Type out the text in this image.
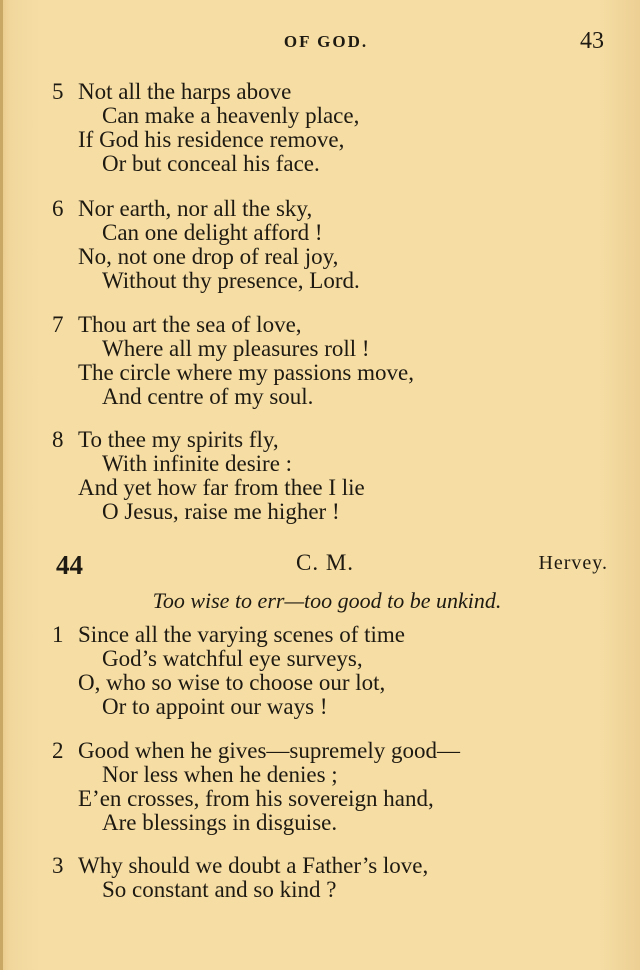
OF GOD.	43
5 Not all the harps above
Can make a heavenly place,
If God his residence remove,
Or but conceal his face.
6 Nor earth, nor all the sky,
Can one delight afford !
No, not one drop of real joy,
Without thy presence, Lord.
7 Thou art the sea of love,
Where all my pleasures roll !
The circle where my passions move,
And centre of my soul.
8 To thee my spirits fly,
With infinite desire :
And yet how far from thee I lie
O Jesus, raise me higher !
44	C. M.	Hervey.
Too wise to err—too good to be unkind.
1 Since all the varying scenes of time
God’s watchful eye surveys,
O, who so wise to choose our lot,
Or to appoint our ways !
2 Good when he gives—supremely good—
Nor less when he denies ;
E’en crosses, from his sovereign hand,
Are blessings in disguise.
3 Why should we doubt a Father’s love,
So constant and so kind ?
